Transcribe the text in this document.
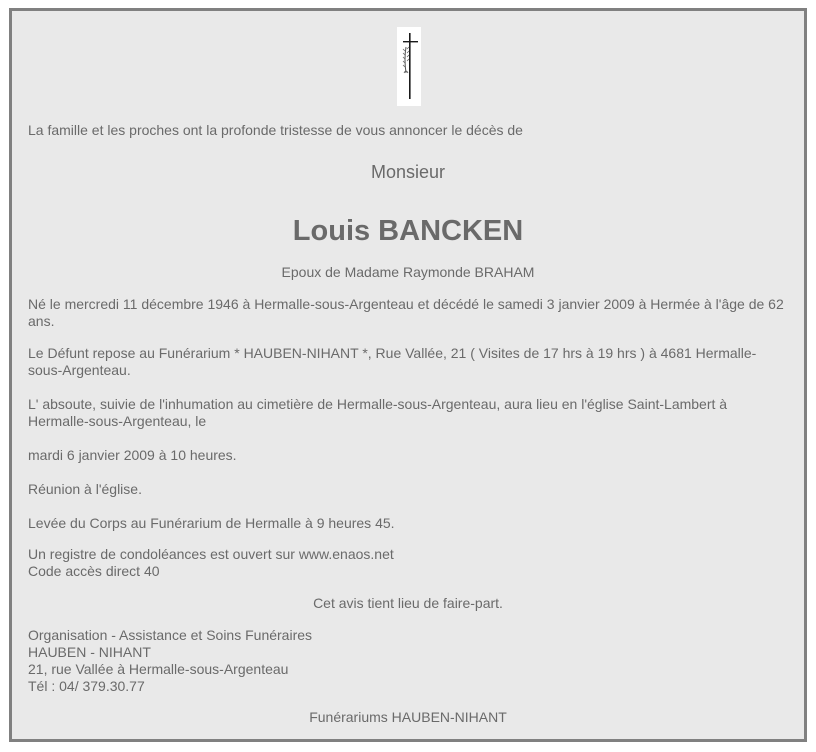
La famille et les proches ont la profonde tristesse de vous annoncer le décès de

Monsieur

Louis BANCKEN

Epoux de Madame Raymonde BRAHAM

Né le mercredi 11 décembre 1946 à Hermalle-sous-Argenteau et décédé le samedi 3 janvier 2009 à Hermée à l'âge de 62 ans.

Le Défunt repose au Funérarium * HAUBEN-NIHANT *, Rue Vallée, 21 ( Visites de 17 hrs à 19 hrs ) à 4681 Hermalle-sous-Argenteau.

L' absoute, suivie de l'inhumation au cimetière de Hermalle-sous-Argenteau, aura lieu en l'église Saint-Lambert à Hermalle-sous-Argenteau, le

mardi 6 janvier 2009 à 10 heures.

Réunion à l'église.

Levée du Corps au Funérarium de Hermalle à 9 heures 45.

Un registre de condoléances est ouvert sur www.enaos.net

Code accès direct 40

Cet avis tient lieu de faire-part.

Organisation - Assistance et Soins Funéraires

HAUBEN - NIHANT

21, rue Vallée à Hermalle-sous-Argenteau

Tél : 04/ 379.30.77

Funérariums HAUBEN-NIHANT
